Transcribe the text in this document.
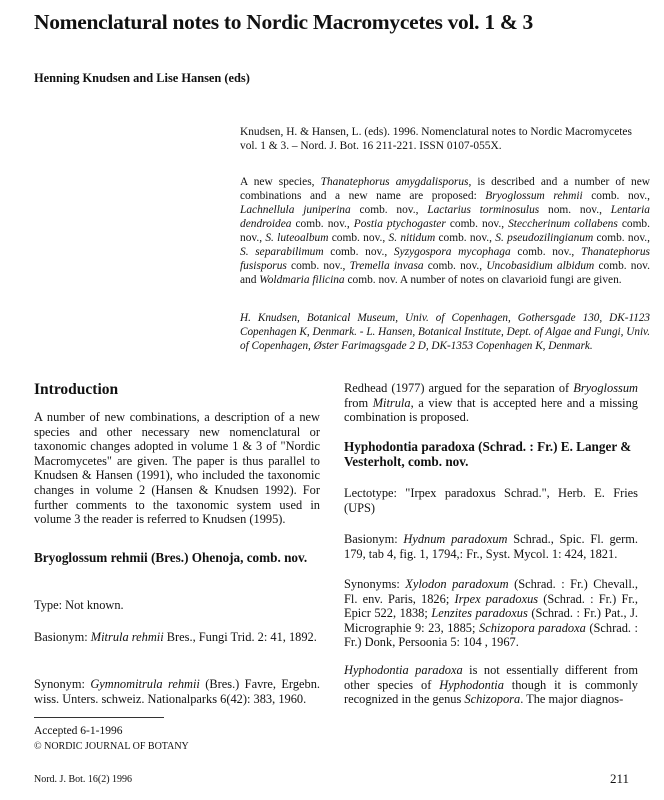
Nomenclatural notes to Nordic Macromycetes vol. 1 & 3
Henning Knudsen and Lise Hansen (eds)
Knudsen, H. & Hansen, L. (eds). 1996. Nomenclatural notes to Nordic Macromycetes
vol. 1 & 3. – Nord. J. Bot. 16 211-221. ISSN 0107-055X.
A new species, Thanatephorus amygdalisporus, is described and a number of new combinations and a new name are proposed: Bryoglossum rehmii comb. nov., Lachnellula juniperina comb. nov., Lactarius torminosulus nom. nov., Lentaria dendroidea comb. nov., Postia ptychogaster comb. nov., Steccherinum collabens comb. nov., S. luteoalbum comb. nov., S. nitidum comb. nov., S. pseudozilingianum comb. nov., S. separabilimum comb. nov., Syzygospora mycophaga comb. nov., Thanatephorus fusisporus comb. nov., Tremella invasa comb. nov., Uncobasidium albidum comb. nov. and Woldmaria filicina comb. nov. A number of notes on clavarioid fungi are given.
H. Knudsen, Botanical Museum, Univ. of Copenhagen, Gothersgade 130, DK-1123 Copenhagen K, Denmark. - L. Hansen, Botanical Institute, Dept. of Algae and Fungi, Univ. of Copenhagen, Øster Farimagsgade 2 D, DK-1353 Copenhagen K, Denmark.
Introduction
A number of new combinations, a description of a new species and other necessary new nomenclatural or taxonomic changes adopted in volume 1 & 3 of "Nordic Macromycetes" are given. The paper is thus parallel to Knudsen & Hansen (1991), who included the taxonomic changes in volume 2 (Hansen & Knudsen 1992). For further comments to the taxonomic system used in volume 3 the reader is referred to Knudsen (1995).
Bryoglossum rehmii (Bres.) Ohenoja, comb. nov.
Type: Not known.
Basionym: Mitrula rehmii Bres., Fungi Trid. 2: 41, 1892.
Synonym: Gymnomitrula rehmii (Bres.) Favre, Ergebn. wiss. Unters. schweiz. Nationalparks 6(42): 383, 1960.
Redhead (1977) argued for the separation of Bryoglossum from Mitrula, a view that is accepted here and a missing combination is proposed.
Hyphodontia paradoxa (Schrad. : Fr.) E. Langer & Vesterholt, comb. nov.
Lectotype: "Irpex paradoxus Schrad.", Herb. E. Fries (UPS)
Basionym: Hydnum paradoxum Schrad., Spic. Fl. germ. 179, tab 4, fig. 1, 1794,: Fr., Syst. Mycol. 1: 424, 1821.
Synonyms: Xylodon paradoxum (Schrad. : Fr.) Chevall., Fl. env. Paris, 1826; Irpex paradoxus (Schrad. : Fr.) Fr., Epicr 522, 1838; Lenzites paradoxus (Schrad. : Fr.) Pat., J. Micrographie 9: 23, 1885; Schizopora paradoxa (Schrad. : Fr.) Donk, Persoonia 5: 104 , 1967.
Hyphodontia paradoxa is not essentially different from other species of Hyphodontia though it is commonly recognized in the genus Schizopora. The major diagnos-
Accepted 6-1-1996
© NORDIC JOURNAL OF BOTANY
Nord. J. Bot. 16(2) 1996	211
